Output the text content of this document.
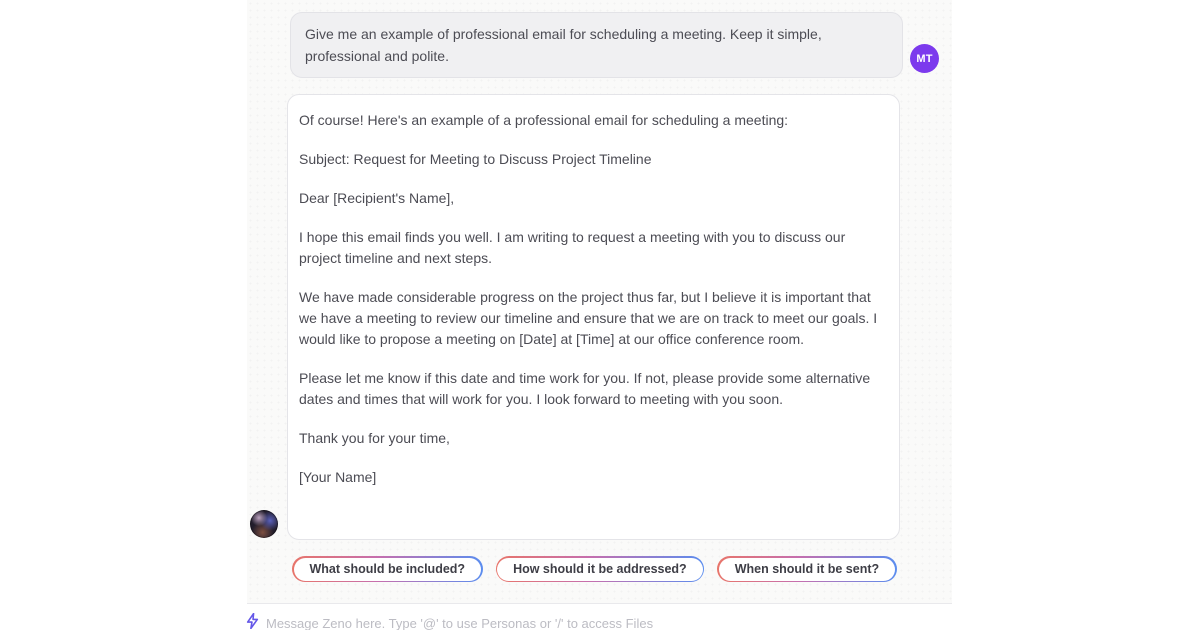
Give me an example of professional email for scheduling a meeting. Keep it simple, professional and polite.	MT

Of course! Here's an example of a professional email for scheduling a meeting:

Subject: Request for Meeting to Discuss Project Timeline

Dear [Recipient's Name],

I hope this email finds you well. I am writing to request a meeting with you to discuss our project timeline and next steps.

We have made considerable progress on the project thus far, but I believe it is important that we have a meeting to review our timeline and ensure that we are on track to meet our goals. I would like to propose a meeting on [Date] at [Time] at our office conference room.

Please let me know if this date and time work for you. If not, please provide some alternative dates and times that will work for you. I look forward to meeting with you soon.

Thank you for your time,

[Your Name]

What should be included?	How should it be addressed?	When should it be sent?
Message Zeno here. Type '@' to use Personas or '/' to access Files
